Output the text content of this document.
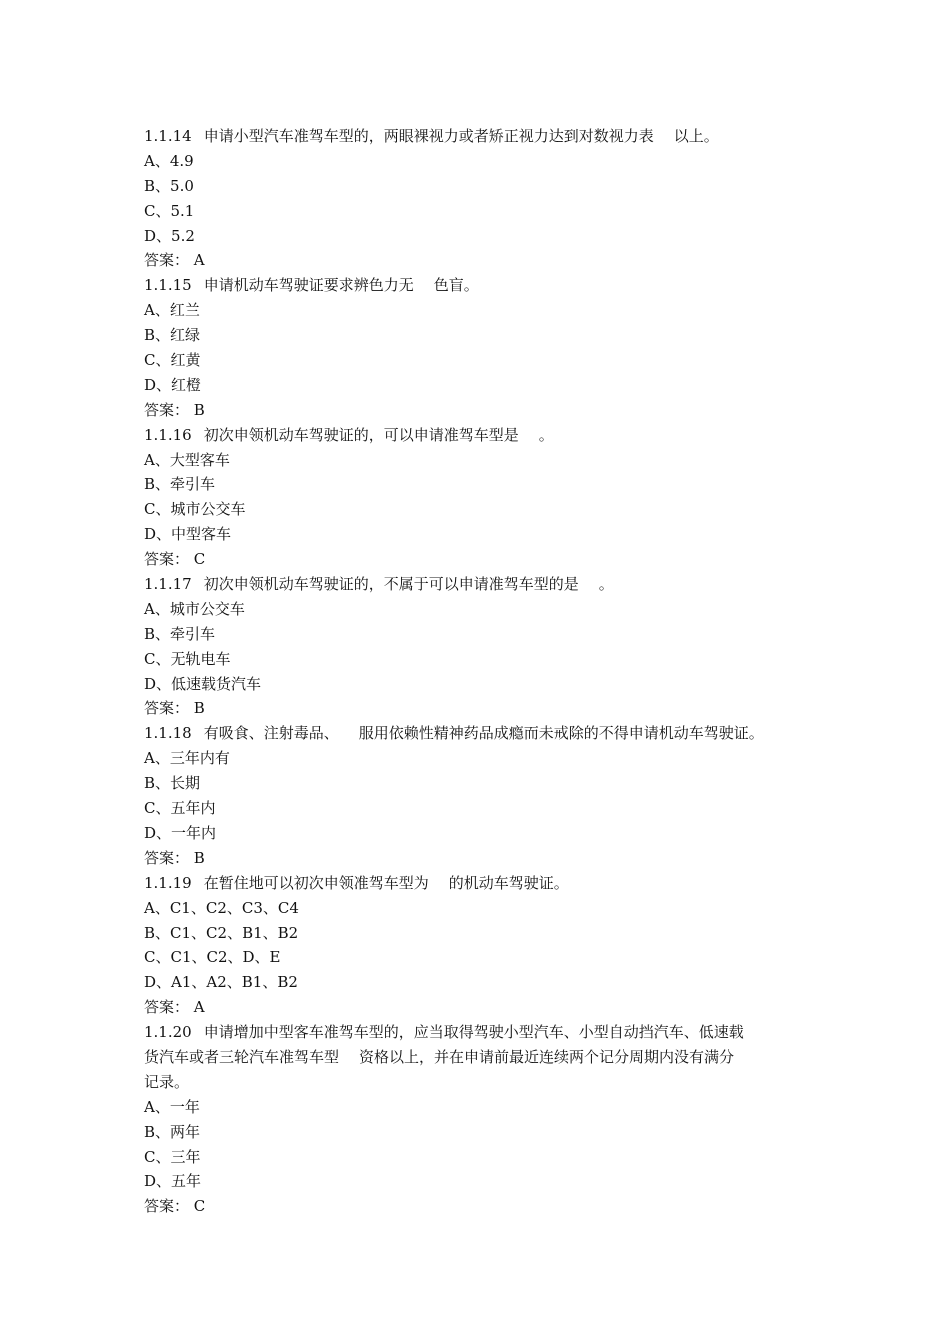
1.1.14 申请小型汽车准驾车型的，两眼裸视力或者矫正视力达到对数视力表 以上。
A、4.9
B、5.0
C、5.1
D、5.2
答案： A
1.1.15 申请机动车驾驶证要求辨色力无 色盲。
A、红兰
B、红绿
C、红黄
D、红橙
答案： B
1.1.16 初次申领机动车驾驶证的，可以申请准驾车型是 。
A、大型客车
B、牵引车
C、城市公交车
D、中型客车
答案： C
1.1.17 初次申领机动车驾驶证的，不属于可以申请准驾车型的是 。
A、城市公交车
B、牵引车
C、无轨电车
D、低速载货汽车
答案： B
1.1.18 有吸食、注射毒品、 服用依赖性精神药品成瘾而未戒除的不得申请机动车驾驶证。
A、三年内有
B、长期
C、五年内
D、一年内
答案： B
1.1.19 在暂住地可以初次申领准驾车型为 的机动车驾驶证。
A、C1、C2、C3、C4
B、C1、C2、B1、B2
C、C1、C2、D、E
D、A1、A2、B1、B2
答案： A
1.1.20 申请增加中型客车准驾车型的，应当取得驾驶小型汽车、小型自动挡汽车、低速载
货汽车或者三轮汽车准驾车型 资格以上，并在申请前最近连续两个记分周期内没有满分
记录。
A、一年
B、两年
C、三年
D、五年
答案： C
